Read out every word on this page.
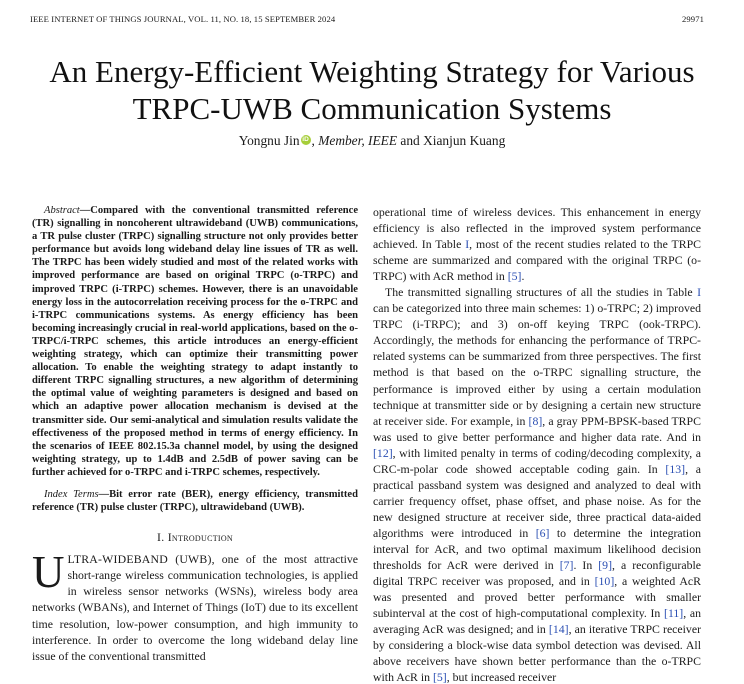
IEEE INTERNET OF THINGS JOURNAL, VOL. 11, NO. 18, 15 SEPTEMBER 2024	29971
An Energy-Efficient Weighting Strategy for Various
TRPC-UWB Communication Systems
Yongnu Jin iD , Member, IEEE and Xianjun Kuang

Abstract—Compared with the conventional transmitted reference (TR) signalling in noncoherent ultrawideband (UWB) communications, a TR pulse cluster (TRPC) signalling structure not only provides better performance but avoids long wideband delay line issues of TR as well. The TRPC has been widely studied and most of the related works with improved performance are based on original TRPC (o-TRPC) and improved TRPC (i-TRPC) schemes. However, there is an unavoidable energy loss in the autocorrelation receiving process for the o-TRPC and i-TRPC communications systems. As energy efficiency has been becoming increasingly crucial in real-world applications, based on the o-TRPC/i-TRPC schemes, this article introduces an energy-efficient weighting strategy, which can optimize their transmitting power allocation. To enable the weighting strategy to adapt instantly to different TRPC signalling structures, a new algorithm of determining the optimal value of weighting parameters is designed and based on which an adaptive power allocation mechanism is devised at the transmitter side. Our semi-analytical and simulation results validate the effectiveness of the proposed method in terms of energy efficiency. In the scenarios of IEEE 802.15.3a channel model, by using the designed weighting strategy, up to 1.4dB and 2.5dB of power saving can be further achieved for o-TRPC and i-TRPC schemes, respectively.

Index Terms—Bit error rate (BER), energy efficiency, transmitted reference (TR) pulse cluster (TRPC), ultrawideband (UWB).

I. Introduction

ULTRA-WIDEBAND (UWB), one of the most attractive short-range wireless communication technologies, is applied in wireless sensor networks (WSNs), wireless body area networks (WBANs), and Internet of Things (IoT) due to its excellent time resolution, low-power consumption, and high immunity to interference. In order to overcome the long wideband delay line issue of the conventional transmitted

operational time of wireless devices. This enhancement in energy efficiency is also reflected in the improved system performance achieved. In Table I, most of the recent studies related to the TRPC scheme are summarized and compared with the original TRPC (o-TRPC) with AcR method in [5].

The transmitted signalling structures of all the studies in Table I can be categorized into three main schemes: 1) o-TRPC; 2) improved TRPC (i-TRPC); and 3) on-off keying TRPC (ook-TRPC). Accordingly, the methods for enhancing the performance of TRPC-related systems can be summarized from three perspectives. The first method is that based on the o-TRPC signalling structure, the performance is improved either by using a certain modulation technique at transmitter side or by designing a certain new structure at receiver side. For example, in [8], a gray PPM-BPSK-based TRPC was used to give better performance and higher data rate. And in [12], with limited penalty in terms of coding/decoding complexity, a CRC-m-polar code showed acceptable coding gain. In [13], a practical passband system was designed and analyzed to deal with carrier frequency offset, phase offset, and phase noise. As for the new designed structure at receiver side, three practical data-aided algorithms were introduced in [6] to determine the integration interval for AcR, and two optimal maximum likelihood decision thresholds for AcR were derived in [7]. In [9], a reconfigurable digital TRPC receiver was proposed, and in [10], a weighted AcR was presented and proved better performance with smaller subinterval at the cost of high-computational complexity. In [11], an averaging AcR was designed; and in [14], an iterative TRPC receiver by considering a block-wise data symbol detection was devised. All above receivers have shown better performance than the o-TRPC with AcR in [5], but increased receiver
